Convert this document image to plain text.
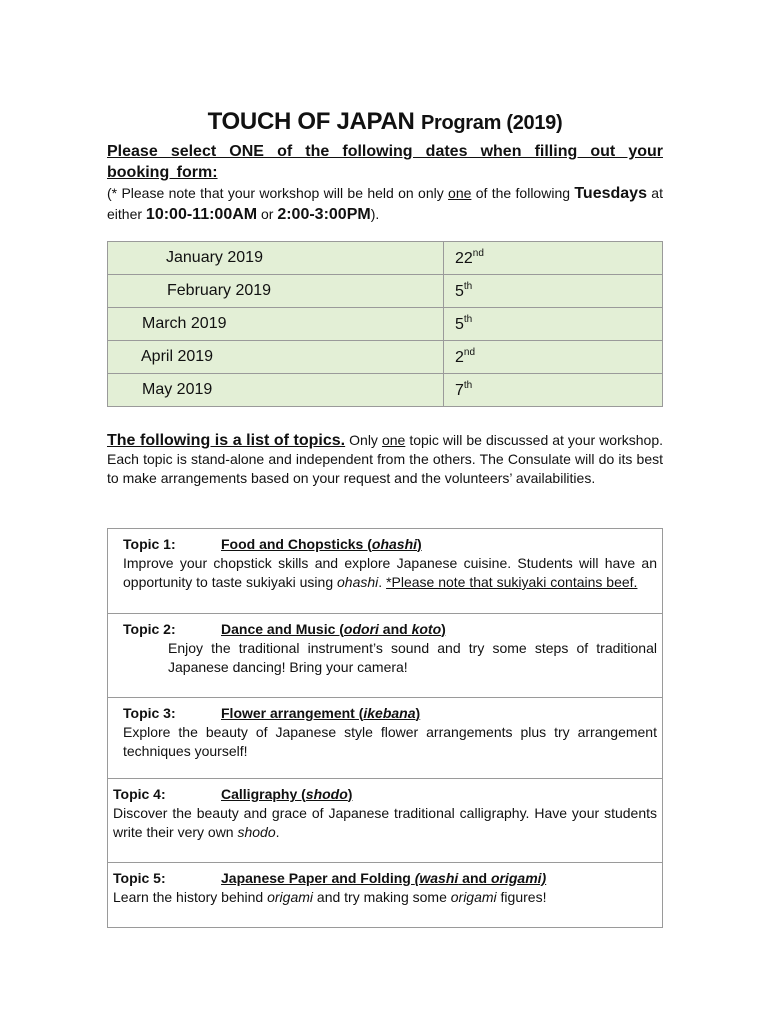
TOUCH OF JAPAN Program (2019)
Please select ONE of the following dates when filling out your booking form:
(* Please note that your workshop will be held on only one of the following Tuesdays at either 10:00-11:00AM or 2:00-3:00PM).
January 2019	22nd
February 2019	5th
March 2019	5th
April 2019	2nd
May 2019	7th
The following is a list of topics. Only one topic will be discussed at your workshop. Each topic is stand-alone and independent from the others. The Consulate will do its best to make arrangements based on your request and the volunteers’ availabilities.
Topic 1:	Food and Chopsticks (ohashi)
Improve your chopstick skills and explore Japanese cuisine. Students will have an opportunity to taste sukiyaki using ohashi. *Please note that sukiyaki contains beef.

Topic 2:	Dance and Music (odori and koto)
Enjoy the traditional instrument’s sound and try some steps of traditional Japanese dancing! Bring your camera!

Topic 3:	Flower arrangement (ikebana)
Explore the beauty of Japanese style flower arrangements plus try arrangement techniques yourself!

Topic 4:	Calligraphy (shodo)
Discover the beauty and grace of Japanese traditional calligraphy. Have your students write their very own shodo.

Topic 5:	Japanese Paper and Folding (washi and origami)
Learn the history behind origami and try making some origami figures!
